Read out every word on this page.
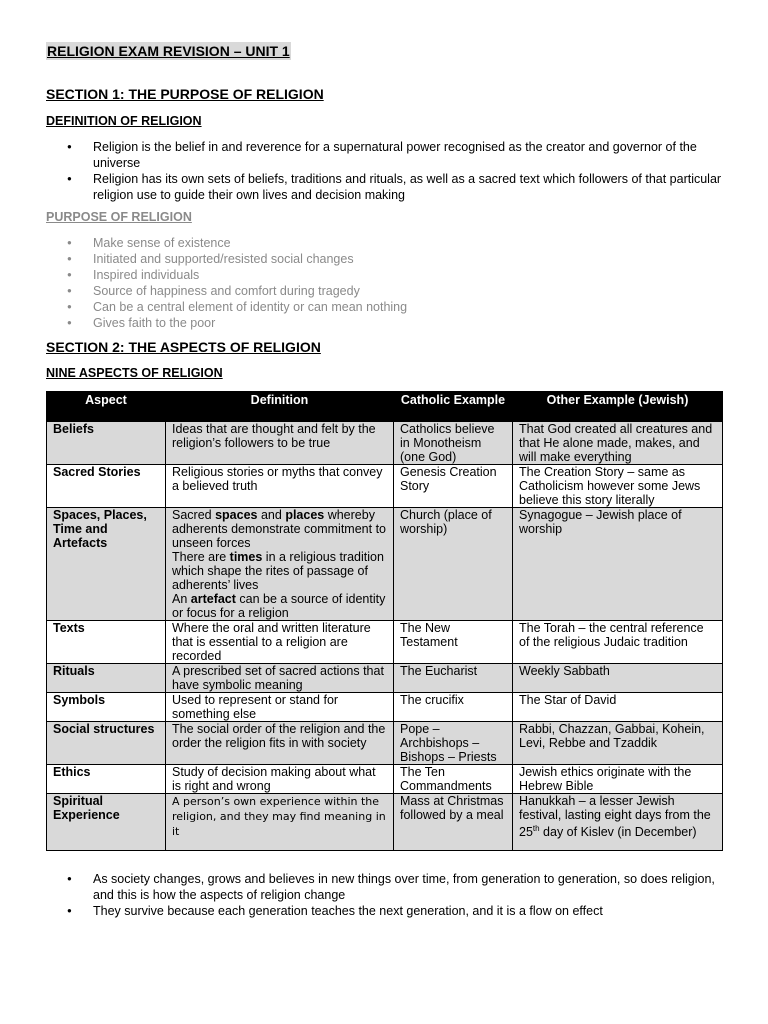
RELIGION EXAM REVISION – UNIT 1
SECTION 1: THE PURPOSE OF RELIGION
DEFINITION OF RELIGION
● Religion is the belief in and reverence for a supernatural power recognised as the creator and governor of the universe
● Religion has its own sets of beliefs, traditions and rituals, as well as a sacred text which followers of that particular religion use to guide their own lives and decision making
PURPOSE OF RELIGION
● Make sense of existence
● Initiated and supported/resisted social changes
● Inspired individuals
● Source of happiness and comfort during tragedy
● Can be a central element of identity or can mean nothing
● Gives faith to the poor
SECTION 2: THE ASPECTS OF RELIGION
NINE ASPECTS OF RELIGION
Aspect	Definition	Catholic Example	Other Example (Jewish)
Beliefs	Ideas that are thought and felt by the religion’s followers to be true	Catholics believe in Monotheism (one God)	That God created all creatures and that He alone made, makes, and will make everything
Sacred Stories	Religious stories or myths that convey a believed truth	Genesis Creation Story	The Creation Story – same as Catholicism however some Jews believe this story literally
Spaces, Places, Time and Artefacts	Sacred spaces and places whereby adherents demonstrate commitment to unseen forces
There are times in a religious tradition which shape the rites of passage of adherents’ lives
An artefact can be a source of identity or focus for a religion	Church (place of worship)	Synagogue – Jewish place of worship
Texts	Where the oral and written literature that is essential to a religion are recorded	The New Testament	The Torah – the central reference of the religious Judaic tradition
Rituals	A prescribed set of sacred actions that have symbolic meaning	The Eucharist	Weekly Sabbath
Symbols	Used to represent or stand for something else	The crucifix	The Star of David
Social structures	The social order of the religion and the order the religion fits in with society	Pope – Archbishops – Bishops – Priests	Rabbi, Chazzan, Gabbai, Kohein, Levi, Rebbe and Tzaddik
Ethics	Study of decision making about what is right and wrong	The Ten Commandments	Jewish ethics originate with the Hebrew Bible
Spiritual Experience	A person’s own experience within the religion, and they may find meaning in it	Mass at Christmas followed by a meal	Hanukkah – a lesser Jewish festival, lasting eight days from the 25th day of Kislev (in December)
● As society changes, grows and believes in new things over time, from generation to generation, so does religion, and this is how the aspects of religion change
● They survive because each generation teaches the next generation, and it is a flow on effect
